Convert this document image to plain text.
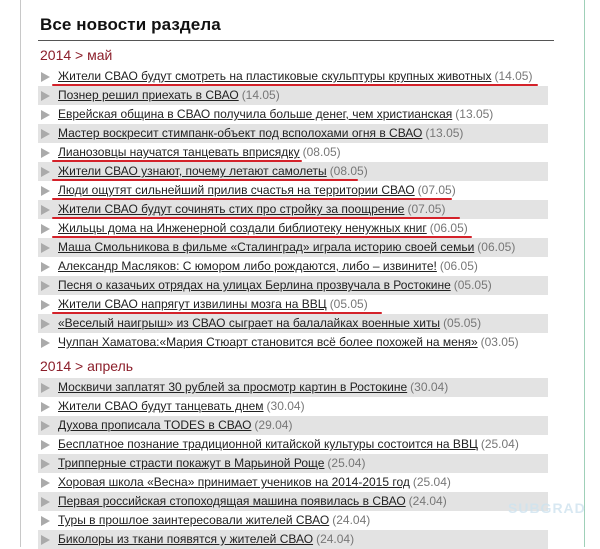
Все новости раздела
2014 > май
Жители СВАО будут смотреть на пластиковые скульптуры крупных животных (14.05)
Познер решил приехать в СВАО (14.05)
Еврейская община в СВАО получила больше денег, чем христианская (13.05)
Мастер воскресит стимпанк-объект под всполохами огня в СВАО (13.05)
Лианозовцы научатся танцевать вприсядку (08.05)
Жители СВАО узнают, почему летают самолеты (08.05)
Люди ощутят сильнейший прилив счастья на территории СВАО (07.05)
Жители СВАО будут сочинять стих про стройку за поощрение (07.05)
Жильцы дома на Инженерной создали библиотеку ненужных книг (06.05)
Маша Смольникова в фильме «Сталинград» играла историю своей семьи (06.05)
Александр Масляков: С юмором либо рождаются, либо – извините! (06.05)
Песня о казачьих отрядах на улицах Берлина прозвучала в Ростокине (05.05)
Жители СВАО напрягут извилины мозга на ВВЦ (05.05)
«Веселый наигрыш» из СВАО сыграет на балалайках военные хиты (05.05)
Чулпан Хаматова:«Мария Стюарт становится всё более похожей на меня» (03.05)
2014 > апрель
Москвичи заплатят 30 рублей за просмотр картин в Ростокине (30.04)
Жители СВАО будут танцевать днем (30.04)
Духова прописала TODES в СВАО (29.04)
Бесплатное познание традиционной китайской культуры состоится на ВВЦ (25.04)
Трипперные страсти покажут в Марьиной Роще (25.04)
Хоровая школа «Весна» принимает учеников на 2014-2015 год (25.04)
Первая российская стопоходящая машина появилась в СВАО (24.04)
Туры в прошлое заинтересовали жителей СВАО (24.04)
Биколоры из ткани появятся у жителей СВАО (24.04)
SUBGRAD
